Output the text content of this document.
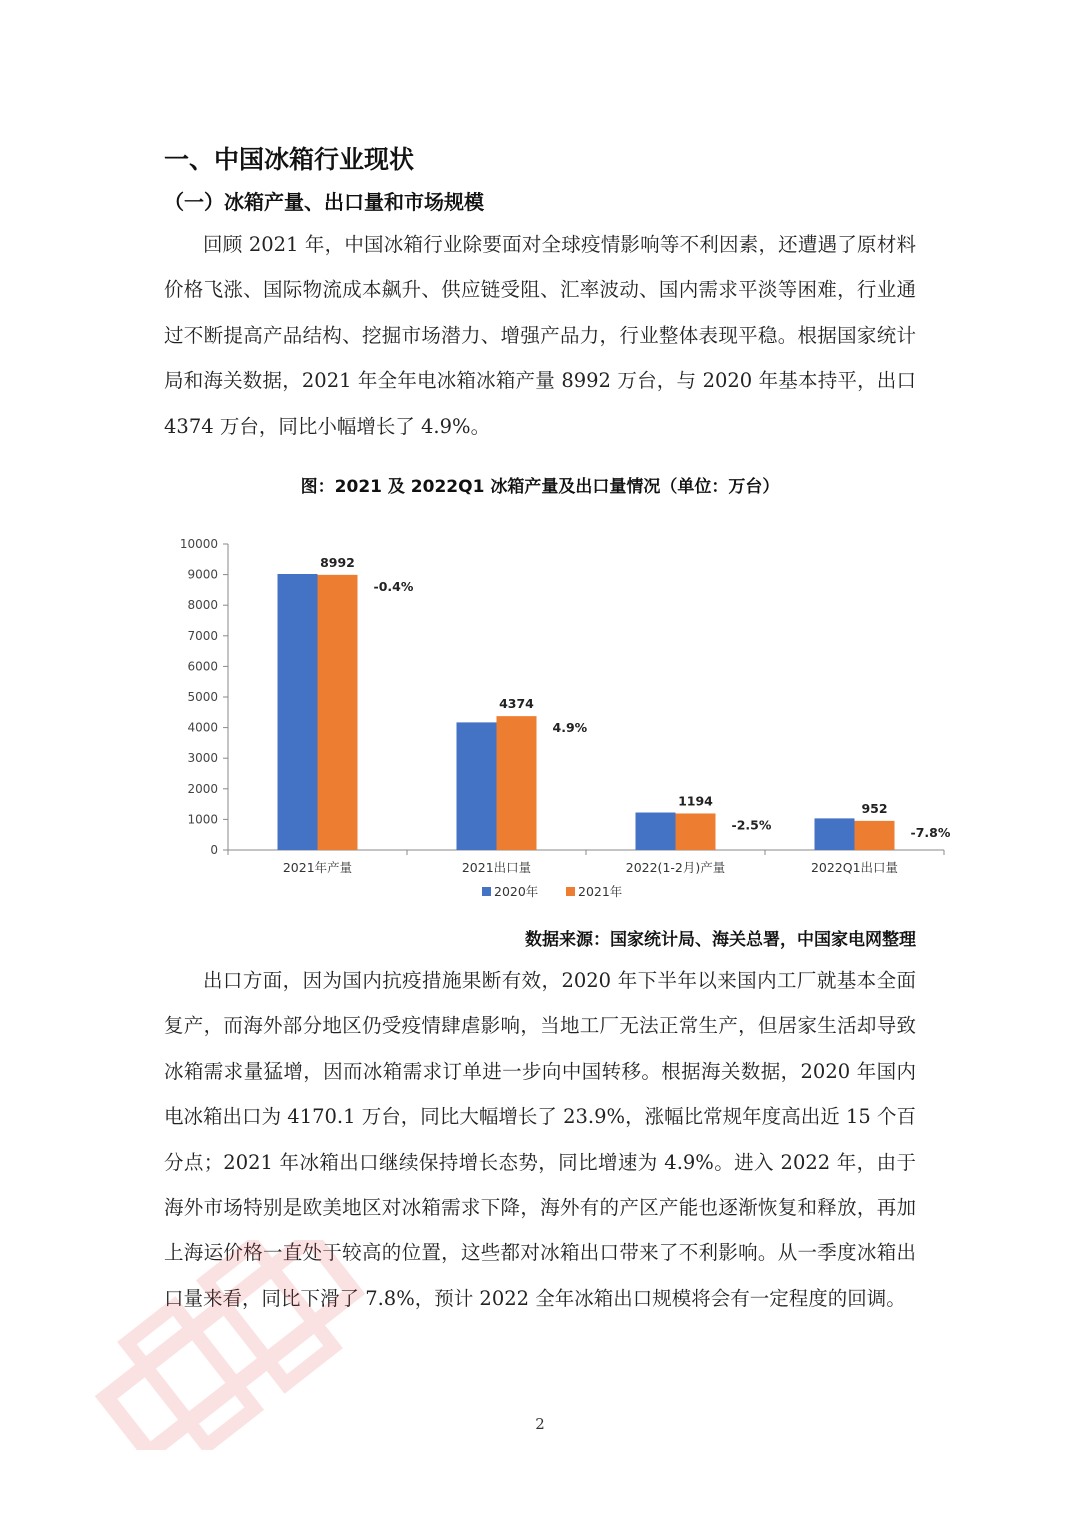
一、中国冰箱行业现状
（一）冰箱产量、出口量和市场规模

回顾 2021 年，中国冰箱行业除要面对全球疫情影响等不利因素，还遭遇了原材料价格飞涨、国际物流成本飙升、供应链受阻、汇率波动、国内需求平淡等困难，行业通过不断提高产品结构、挖掘市场潜力、增强产品力，行业整体表现平稳。根据国家统计局和海关数据，2021 年全年电冰箱冰箱产量 8992 万台，与 2020 年基本持平，出口 4374 万台，同比小幅增长了 4.9%。

图：2021 及 2022Q1 冰箱产量及出口量情况（单位：万台）
0
1000
2000
3000
4000
5000
6000
7000
8000
9000
10000
8992
-0.4%
2021年产量
4374
4.9%
2021出口量
1194
-2.5%
2022(1-2月)产量
952
-7.8%
2022Q1出口量
2020年	2021年
数据来源：国家统计局、海关总署，中国家电网整理

出口方面，因为国内抗疫措施果断有效，2020 年下半年以来国内工厂就基本全面复产，而海外部分地区仍受疫情肆虐影响，当地工厂无法正常生产，但居家生活却导致冰箱需求量猛增，因而冰箱需求订单进一步向中国转移。根据海关数据，2020 年国内电冰箱出口为 4170.1 万台，同比大幅增长了 23.9%，涨幅比常规年度高出近 15 个百分点；2021 年冰箱出口继续保持增长态势，同比增速为 4.9%。进入 2022 年，由于海外市场特别是欧美地区对冰箱需求下降，海外有的产区产能也逐渐恢复和释放，再加上海运价格一直处于较高的位置，这些都对冰箱出口带来了不利影响。从一季度冰箱出口量来看，同比下滑了 7.8%，预计 2022 全年冰箱出口规模将会有一定程度的回调。

2
